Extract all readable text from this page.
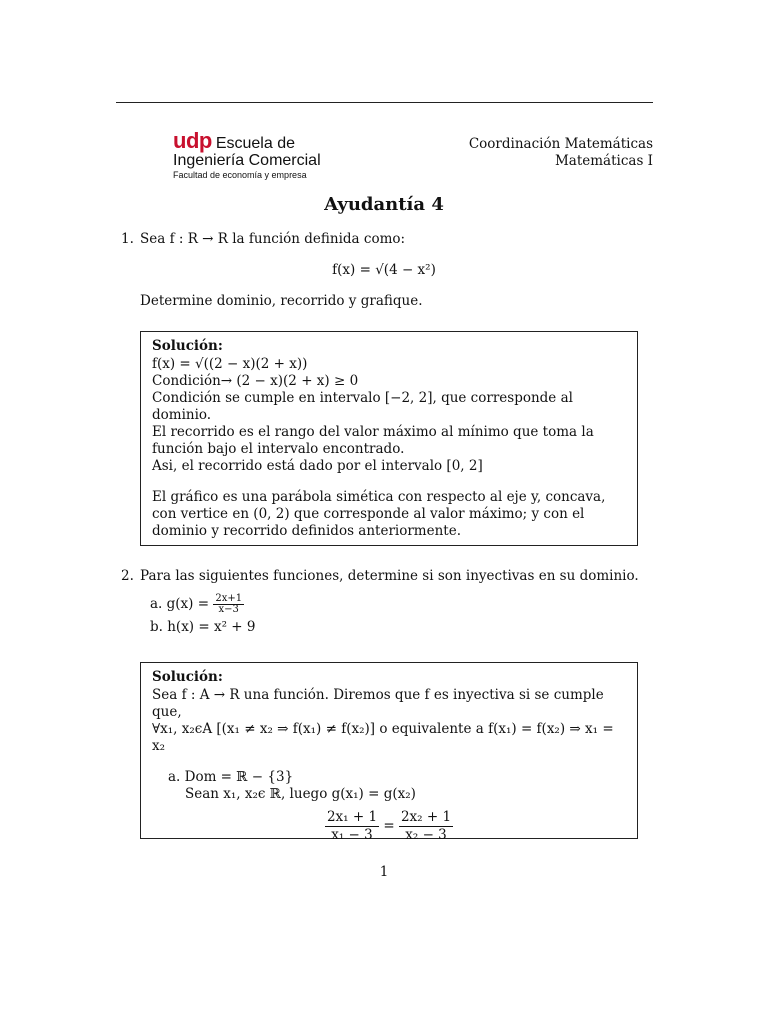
udp Escuela de
Ingeniería Comercial
Facultad de economía y empresa
Coordinación Matemáticas
Matemáticas I
Ayudantía 4
1. Sea f : R → R la función definida como:
f(x) = √(4 − x²)
Determine dominio, recorrido y grafique.

Solución:

f(x) = √((2 − x)(2 + x))

Condición→ (2 − x)(2 + x) ≥ 0

Condición se cumple en intervalo [−2, 2], que corresponde al dominio.

El recorrido es el rango del valor máximo al mínimo que toma la función bajo el intervalo encontrado.

Asi, el recorrido está dado por el intervalo [0, 2]

El gráfico es una parábola simética con respecto al eje y, concava, con vertice en (0, 2) que corresponde al valor máximo; y con el dominio y recorrido definidos anteriormente.

2. Para las siguientes funciones, determine si son inyectivas en su dominio.
a. $g(x) = \frac{2x+1}{x-3}$
b. h(x) = x² + 9

Solución:

Sea f : A → R una función. Diremos que f es inyectiva si se cumple que,

∀x₁, x₂ϵA [(x₁ ≠ x₂ ⇒ f(x₁) ≠ f(x₂)] o equivalente a f(x₁) = f(x₂) ⇒ x₁ = x₂

a. Dom = ℝ − {3}

Sean x₁, x₂ϵ ℝ, luego g(x₁) = g(x₂)

$\frac{\text{2x₁ + 1}}{\text{x₁ − 3}} = \frac{\text{2x₂ + 1}}{\text{x₂ − 3}}$
1
